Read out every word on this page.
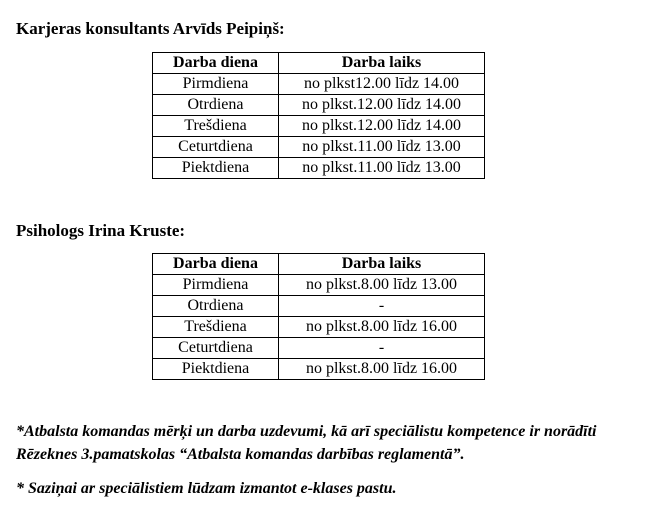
Karjeras konsultants Arvīds Peipiņš:
Darba diena	Darba laiks
Pirmdiena	no plkst12.00 līdz 14.00
Otrdiena	no plkst.12.00 līdz 14.00
Trešdiena	no plkst.12.00 līdz 14.00
Ceturtdiena	no plkst.11.00 līdz 13.00
Piektdiena	no plkst.11.00 līdz 13.00
Psihologs Irina Kruste:
Darba diena	Darba laiks
Pirmdiena	no plkst.8.00 līdz 13.00
Otrdiena	-
Trešdiena	no plkst.8.00 līdz 16.00
Ceturtdiena	-
Piektdiena	no plkst.8.00 līdz 16.00
*Atbalsta komandas mērķi un darba uzdevumi, kā arī speciālistu kompetence ir norādīti Rēzeknes 3.pamatskolas “Atbalsta komandas darbības reglamentā”.
* Saziņai ar speciālistiem lūdzam izmantot e-klases pastu.
